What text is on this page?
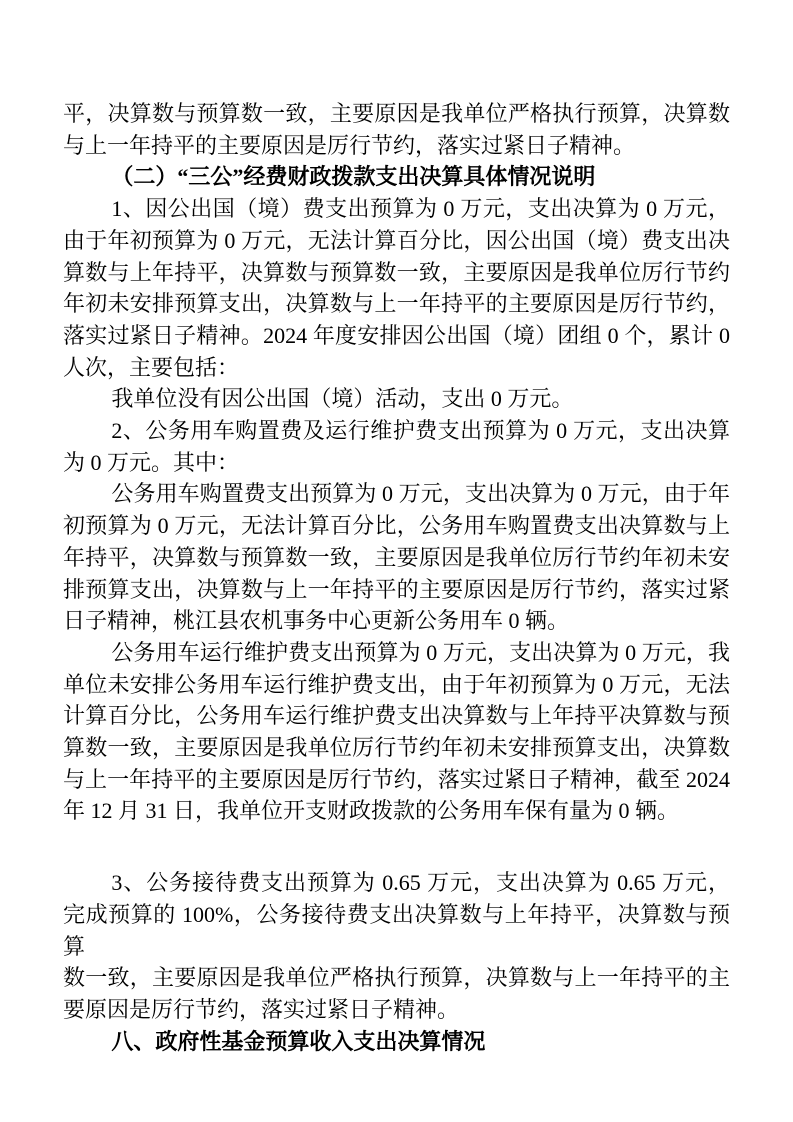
平，决算数与预算数一致，主要原因是我单位严格执行预算，决算数
与上一年持平的主要原因是厉行节约，落实过紧日子精神。
（二）“三公”经费财政拨款支出决算具体情况说明
1、因公出国（境）费支出预算为 0 万元，支出决算为 0 万元，
由于年初预算为 0 万元，无法计算百分比，因公出国（境）费支出决
算数与上年持平，决算数与预算数一致，主要原因是我单位厉行节约
年初未安排预算支出，决算数与上一年持平的主要原因是厉行节约，
落实过紧日子精神。2024 年度安排因公出国（境）团组 0 个，累计 0
人次，主要包括：
我单位没有因公出国（境）活动，支出 0 万元。
2、公务用车购置费及运行维护费支出预算为 0 万元，支出决算
为 0 万元。其中：
公务用车购置费支出预算为 0 万元，支出决算为 0 万元，由于年
初预算为 0 万元，无法计算百分比，公务用车购置费支出决算数与上
年持平，决算数与预算数一致，主要原因是我单位厉行节约年初未安
排预算支出，决算数与上一年持平的主要原因是厉行节约，落实过紧
日子精神，桃江县农机事务中心更新公务用车 0 辆。
公务用车运行维护费支出预算为 0 万元，支出决算为 0 万元，我
单位未安排公务用车运行维护费支出，由于年初预算为 0 万元，无法
计算百分比，公务用车运行维护费支出决算数与上年持平决算数与预
算数一致，主要原因是我单位厉行节约年初未安排预算支出，决算数
与上一年持平的主要原因是厉行节约，落实过紧日子精神，截至 2024
年 12 月 31 日，我单位开支财政拨款的公务用车保有量为 0 辆。
3、公务接待费支出预算为 0.65 万元，支出决算为 0.65 万元，
完成预算的 100%，公务接待费支出决算数与上年持平，决算数与预算
数一致，主要原因是我单位严格执行预算，决算数与上一年持平的主
要原因是厉行节约，落实过紧日子精神。
八、政府性基金预算收入支出决算情况
